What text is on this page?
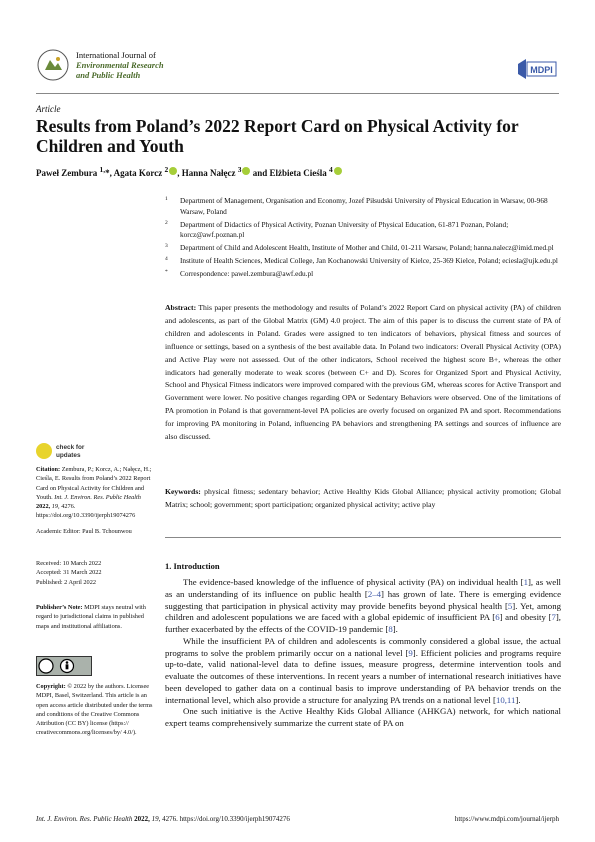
International Journal of
Environmental Research
and Public Health	MDPI
Article
Results from Poland’s 2022 Report Card on Physical Activity for Children and Youth
Paweł Zembura $^{1,}$*, Agata Korcz $^2$ , Hanna Nałęcz $^3$ and Elżbieta Cieśla $^4$
1 Department of Management, Organisation and Economy, Jozef Piłsudski University of Physical Education in Warsaw, 00-968 Warsaw, Poland
2 Department of Didactics of Physical Activity, Poznan University of Physical Education, 61-871 Poznan, Poland; korcz@awf.poznan.pl
3 Department of Child and Adolescent Health, Institute of Mother and Child, 01-211 Warsaw, Poland; hanna.nalecz@imid.med.pl
4 Institute of Health Sciences, Medical College, Jan Kochanowski University of Kielce, 25-369 Kielce, Poland; eciesla@ujk.edu.pl
* Correspondence: pawel.zembura@awf.edu.pl
Abstract: This paper presents the methodology and results of Poland’s 2022 Report Card on physical activity (PA) of children and adolescents, as part of the Global Matrix (GM) 4.0 project. The aim of this paper is to discuss the current state of PA of children and adolescents in Poland. Grades were assigned to ten indicators of behaviors, physical fitness and sources of influence or settings, based on a synthesis of the best available data. In Poland two indicators: Overall Physical Activity (OPA) and Active Play were not assessed. Out of the other indicators, School received the highest score B+, whereas the other indicators had generally moderate to weak scores (between C+ and D). Scores for Organized Sport and Physical Activity, School and Physical Fitness indicators were improved compared with the previous GM, whereas scores for Active Transport and Government were lower. No positive changes regarding OPA or Sedentary Behaviors were observed. One of the limitations of PA promotion in Poland is that government-level PA policies are overly focused on organized PA and sport. Recommendations for improving PA monitoring in Poland, influencing PA behaviors and strengthening PA settings and sources of influence are also discussed.
Keywords: physical fitness; sedentary behavior; Active Healthy Kids Global Alliance; physical activity promotion; Global Matrix; school; government; sport participation; organized physical activity; active play
check for
updates
Citation: Zembura, P.; Korcz, A.; Nałęcz, H.; Cieśla, E. Results from Poland’s 2022 Report Card on Physical Activity for Children and Youth. Int. J. Environ. Res. Public Health 2022, 19, 4276. https://doi.org/10.3390/ijerph19074276
Academic Editor: Paul B. Tchounwou
Received: 10 March 2022
Accepted: 31 March 2022
Published: 2 April 2022
Publisher’s Note: MDPI stays neutral with regard to jurisdictional claims in published maps and institutional affiliations.
Copyright: © 2022 by the authors. Licensee MDPI, Basel, Switzerland. This article is an open access article distributed under the terms and conditions of the Creative Commons Attribution (CC BY) license (https:// creativecommons.org/licenses/by/ 4.0/).
1. Introduction

The evidence-based knowledge of the influence of physical activity (PA) on individual health [1], as well as an understanding of its influence on public health [2–4] has grown of late. There is emerging evidence suggesting that participation in physical activity may provide benefits beyond physical health [5]. Yet, among children and adolescent populations we are faced with a global epidemic of insufficient PA [6] and obesity [7], further exacerbated by the effects of the COVID-19 pandemic [8].

While the insufficient PA of children and adolescents is commonly considered a global issue, the actual programs to solve the problem primarily occur on a national level [9]. Efficient policies and programs require up-to-date, valid national-level data to define issues, measure progress, determine intervention tools and evaluate the outcomes of these interventions. In recent years a number of international research initiatives have been developed to gather data on a continual basis to improve understanding of PA behavior trends on the international level, which also provide a structure for analyzing PA trends on a national level [10,11].

One such initiative is the Active Healthy Kids Global Alliance (AHKGA) network, for which national expert teams comprehensively summarize the current state of PA on

Int. J. Environ. Res. Public Health 2022, 19, 4276. https://doi.org/10.3390/ijerph19074276	https://www.mdpi.com/journal/ijerph
